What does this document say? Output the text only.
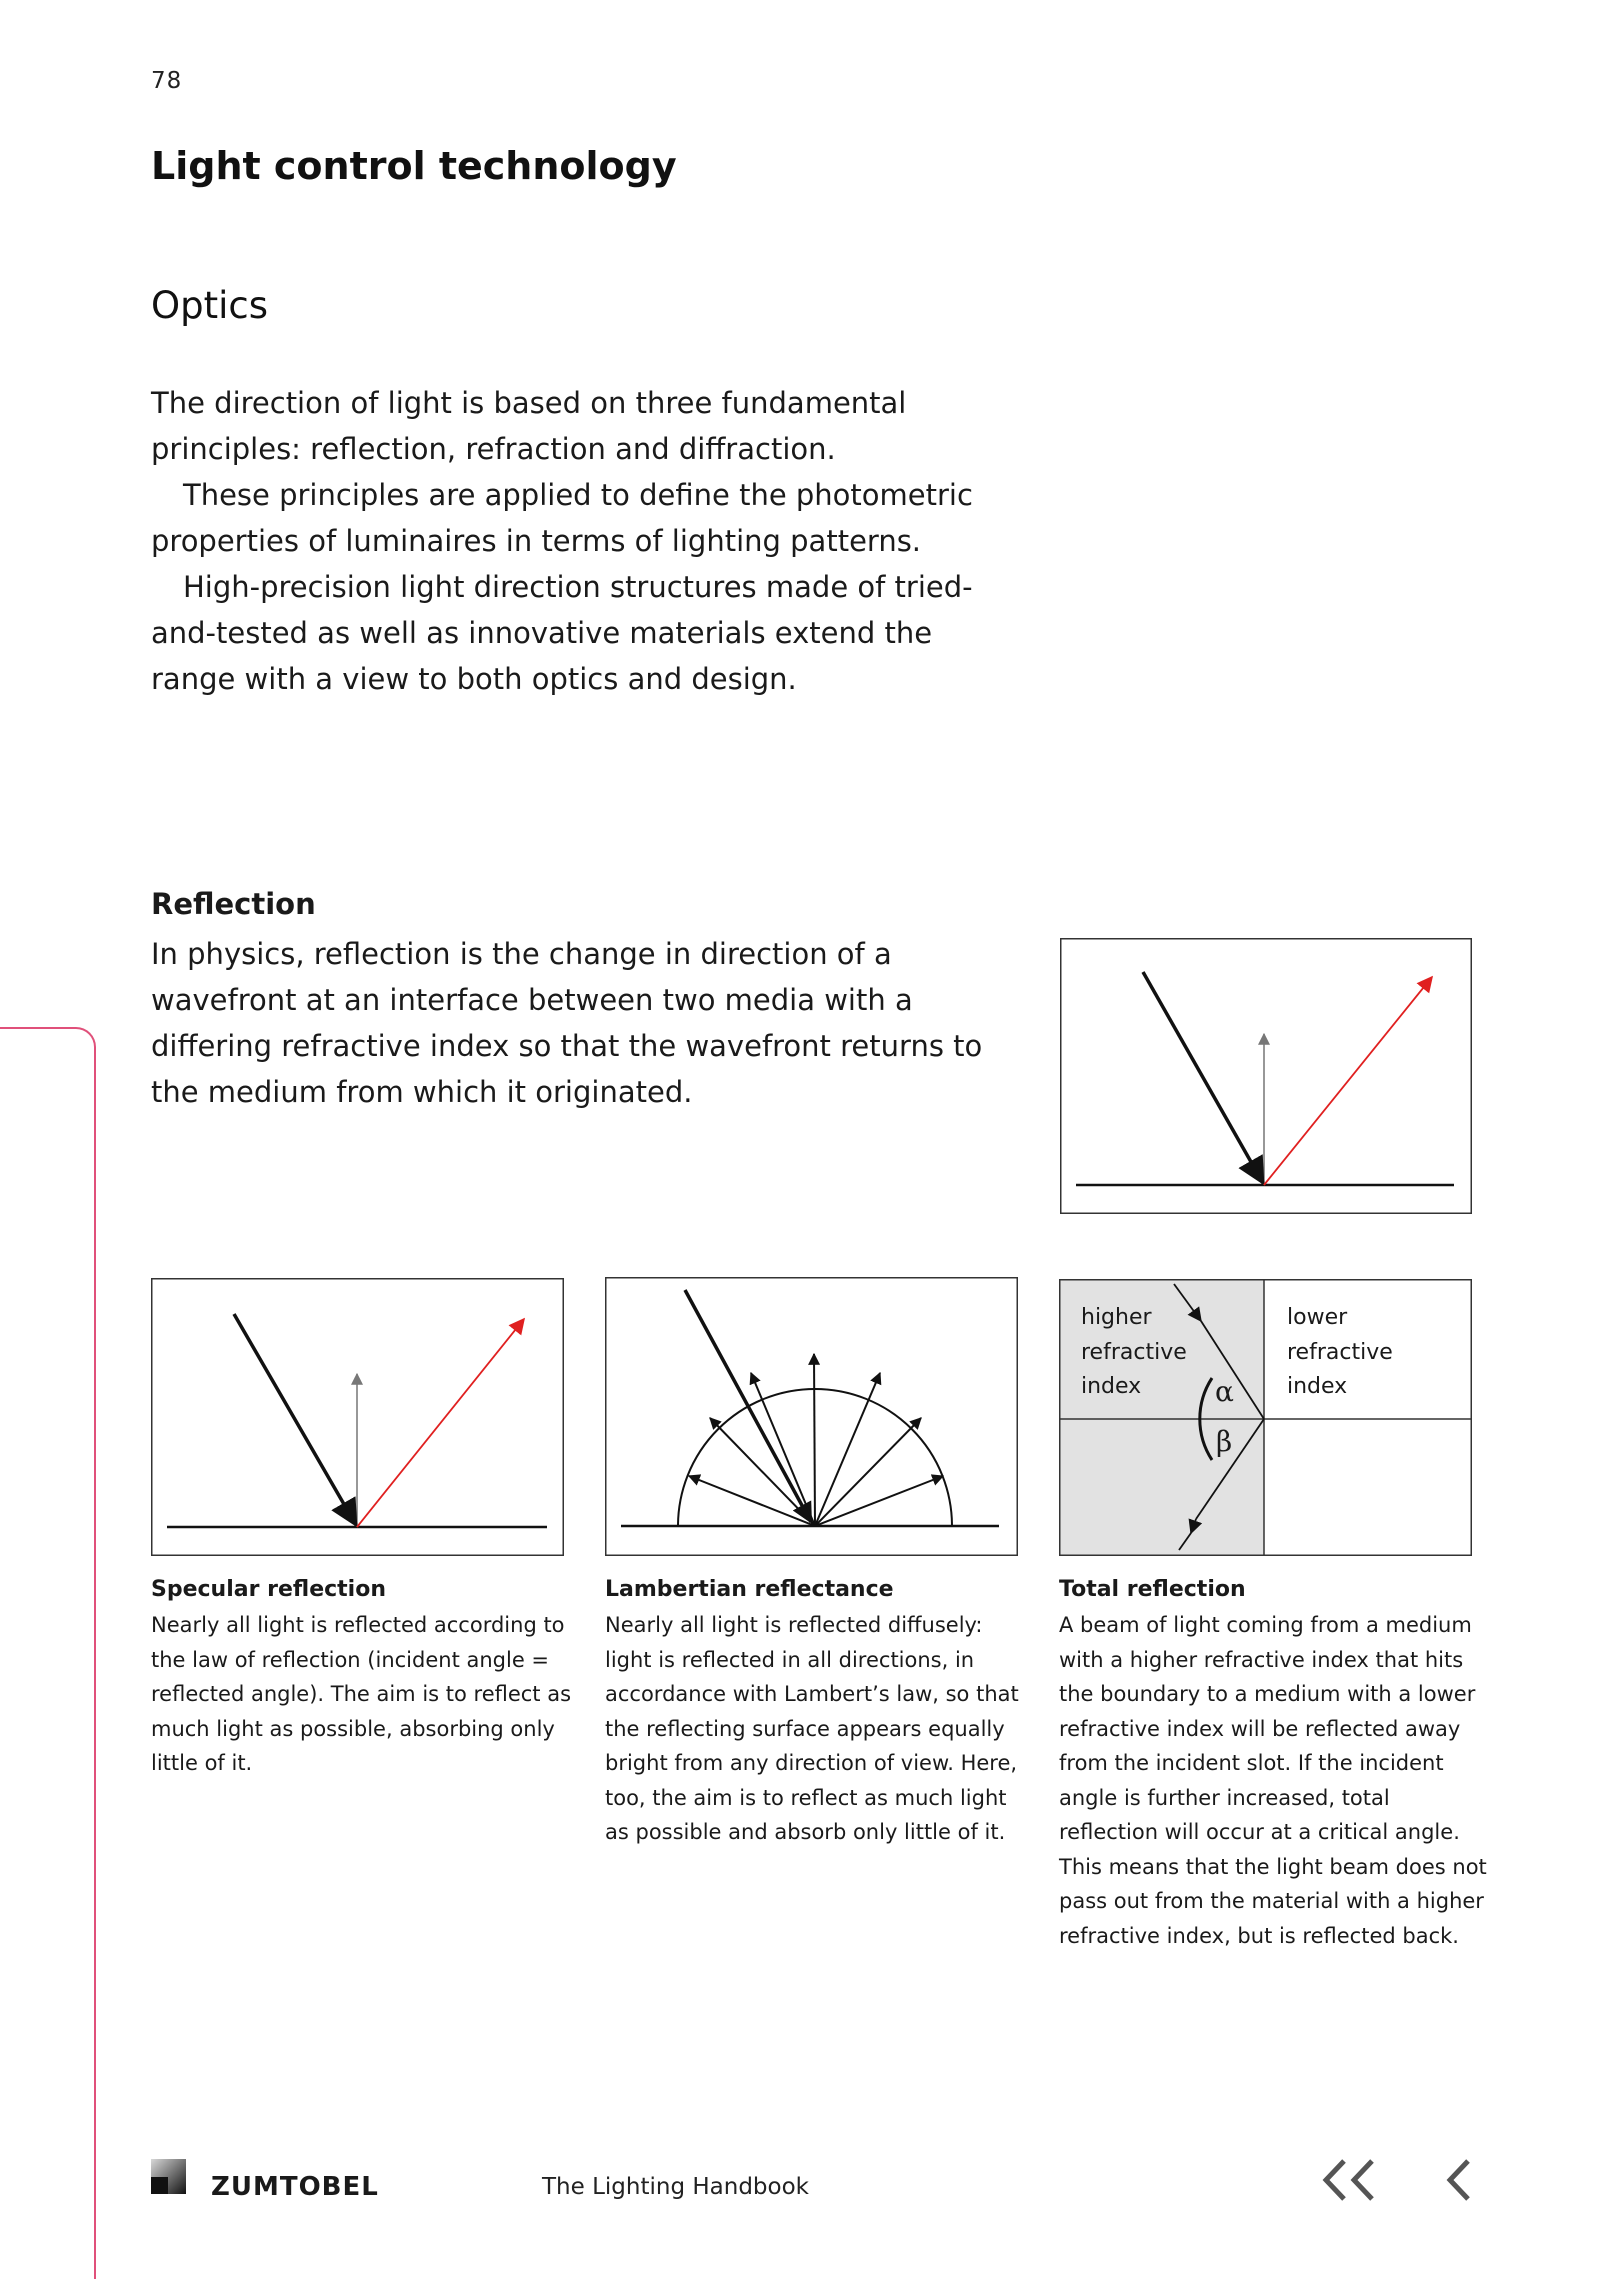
78
Light control technology
Optics

The direction of light is based on three fundamental principles: reflection, refraction and diffraction.

These principles are applied to define the photometric properties of luminaires in terms of lighting patterns.

High-precision light direction structures made of tried-and-tested as well as innovative materials extend the range with a view to both optics and design.

Reflection

In physics, reflection is the change in direction of a wavefront at an interface between two media with a differing refractive index so that the wavefront returns to the medium from which it originated.

higher
refractive
index
lower
refractive
index
α
β
Specular reflection

Nearly all light is reflected according to the law of reflection (incident angle = reflected angle). The aim is to reflect as much light as possible, absorbing only little of it.

Lambertian reflectance

Nearly all light is reflected diffusely: light is reflected in all directions, in accordance with Lambert’s law, so that the reflecting surface appears equally bright from any direction of view. Here, too, the aim is to reflect as much light as possible and absorb only little of it.

Total reflection

A beam of light coming from a medium with a higher refractive index that hits the boundary to a medium with a lower refractive index will be reflected away from the incident slot. If the incident angle is further increased, total reflection will occur at a critical angle. This means that the light beam does not pass out from the material with a higher refractive index, but is reflected back.

ZUMTOBEL	The Lighting Handbook
